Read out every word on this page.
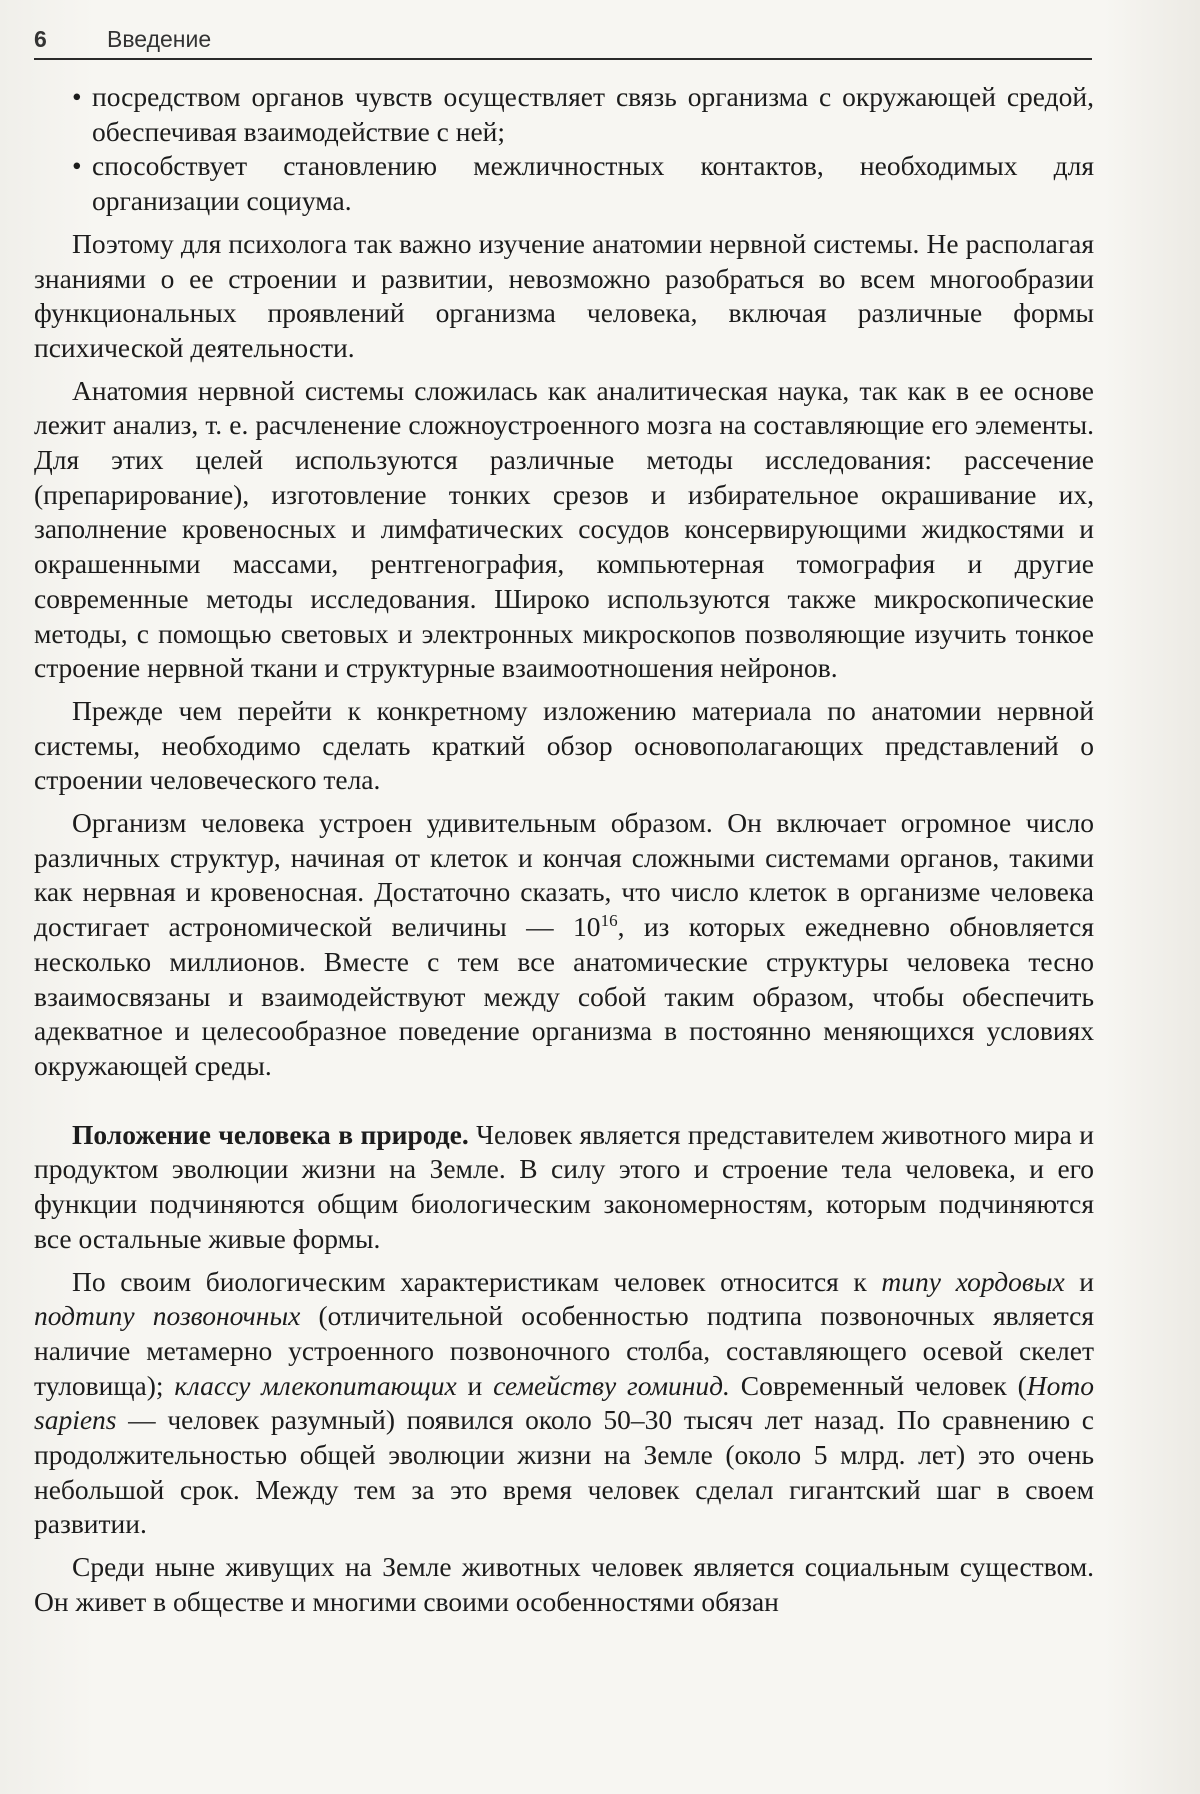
6	Введение
• посредством органов чувств осуществляет связь организма с окружающей средой, обеспечивая взаимодействие с ней;
• способствует становлению межличностных контактов, необходимых для организации социума.

Поэтому для психолога так важно изучение анатомии нервной системы. Не располагая знаниями о ее строении и развитии, невозможно разобраться во всем многообразии функциональных проявлений организма человека, включая различные формы психической деятельности.

Анатомия нервной системы сложилась как аналитическая наука, так как в ее основе лежит анализ, т. е. расчленение сложноустроенного мозга на составляющие его элементы. Для этих целей используются различные методы исследования: рассечение (препарирование), изготовление тонких срезов и избирательное окрашивание их, заполнение кровеносных и лимфатических сосудов консервирующими жидкостями и окрашенными массами, рентгенография, компьютерная томография и другие современные методы исследования. Широко используются также микроскопические методы, с помощью световых и электронных микроскопов позволяющие изучить тонкое строение нервной ткани и структурные взаимоотношения нейронов.

Прежде чем перейти к конкретному изложению материала по анатомии нервной системы, необходимо сделать краткий обзор основополагающих представлений о строении человеческого тела.

Организм человека устроен удивительным образом. Он включает огромное число различных структур, начиная от клеток и кончая сложными системами органов, такими как нервная и кровеносная. Достаточно сказать, что число клеток в организме человека достигает астрономической величины — $10^{16}$, из которых ежедневно обновляется несколько миллионов. Вместе с тем все анатомические структуры человека тесно взаимосвязаны и взаимодействуют между собой таким образом, чтобы обеспечить адекватное и целесообразное поведение организма в постоянно меняющихся условиях окружающей среды.

Положение человека в природе. Человек является представителем животного мира и продуктом эволюции жизни на Земле. В силу этого и строение тела человека, и его функции подчиняются общим биологическим закономерностям, которым подчиняются все остальные живые формы.

По своим биологическим характеристикам человек относится к типу хордовых и подтипу позвоночных (отличительной особенностью подтипа позвоночных является наличие метамерно устроенного позвоночного столба, составляющего осевой скелет туловища); классу млекопитающих и семейству гоминид. Современный человек (Homo sapiens — человек разумный) появился около 50–30 тысяч лет назад. По сравнению с продолжительностью общей эволюции жизни на Земле (около 5 млрд. лет) это очень небольшой срок. Между тем за это время человек сделал гигантский шаг в своем развитии.

Среди ныне живущих на Земле животных человек является социальным существом. Он живет в обществе и многими своими особенностями обязан
